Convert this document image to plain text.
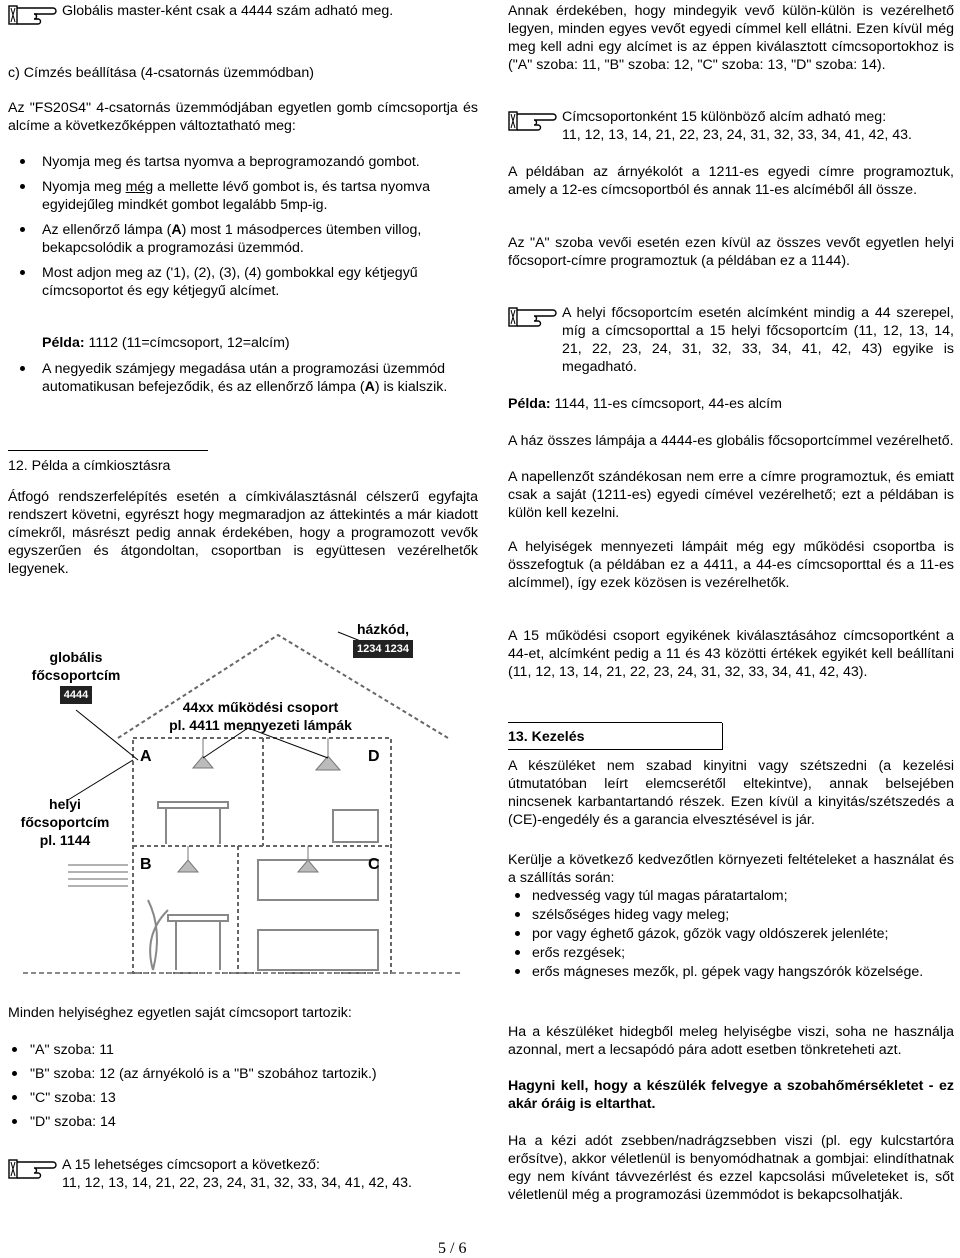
Globális master-ként csak a 4444 szám adható meg.

c) Címzés beállítása (4-csatornás üzemmódban)

Az "FS20S4" 4-csatornás üzemmódjában egyetlen gomb címcsoportja és alcíme a következőképpen változtatható meg:

Nyomja meg és tartsa nyomva a beprogramozandó gombot.
Nyomja meg még a mellette lévő gombot is, és tartsa nyomva egyidejűleg mindkét gombot legalább 5mp-ig.
Az ellenőrző lámpa (A) most 1 másodperces ütemben villog, bekapcsolódik a programozási üzemmód.
Most adjon meg az ('1), (2), (3), (4) gombokkal egy kétjegyű címcsoportot és egy kétjegyű alcímet.

Példa: 1112 (11=címcsoport, 12=alcím)

A negyedik számjegy megadása után a programozási üzemmód automatikusan befejeződik, és az ellenőrző lámpa (A) is kialszik.

12. Példa a címkiosztásra

Átfogó rendszerfelépítés esetén a címkiválasztásnál célszerű egyfajta rendszert követni, egyrészt hogy megmaradjon az áttekintés a már kiadott címekről, másrészt pedig annak érdekében, hogy a programozott vevők egyszerűen és átgondoltan, csoportban is együttesen vezérelhetők legyenek.

globális
főcsoportcím
4444
házkód,
1234 1234
44xx működési csoport
pl. 4411 mennyezeti lámpák
helyi
főcsoportcím
pl. 1144
A	D
B	C

Minden helyiséghez egyetlen saját címcsoport tartozik:

"A" szoba: 11
"B" szoba: 12 (az árnyékoló is a "B" szobához tartozik.)
"C" szoba: 13
"D" szoba: 14
A 15 lehetséges címcsoport a következő:
11, 12, 13, 14, 21, 22, 23, 24, 31, 32, 33, 34, 41, 42, 43.

Annak érdekében, hogy mindegyik vevő külön-külön is vezérelhető legyen, minden egyes vevőt egyedi címmel kell ellátni. Ezen kívül még meg kell adni egy alcímet is az éppen kiválasztott címcsoportokhoz is ("A" szoba: 11, "B" szoba: 12, "C" szoba: 13, "D" szoba: 14).

Címcsoportonként 15 különböző alcím adható meg:
11, 12, 13, 14, 21, 22, 23, 24, 31, 32, 33, 34, 41, 42, 43.

A példában az árnyékolót a 1211-es egyedi címre programoztuk, amely a 12-es címcsoportból és annak 11-es alcíméből áll össze.

Az "A" szoba vevői esetén ezen kívül az összes vevőt egyetlen helyi főcsoport-címre programoztuk (a példában ez a 1144).

A helyi főcsoportcím esetén alcímként mindig a 44 szerepel, míg a címcsoporttal a 15 helyi főcsoportcím (11, 12, 13, 14, 21, 22, 23, 24, 31, 32, 33, 34, 41, 42, 43) egyike is megadható.

Példa: 1144, 11-es címcsoport, 44-es alcím

A ház összes lámpája a 4444-es globális főcsoportcímmel vezérelhető.

A napellenzőt szándékosan nem erre a címre programoztuk, és emiatt csak a saját (1211-es) egyedi címével vezérelhető; ezt a példában is külön kell kezelni.

A helyiségek mennyezeti lámpáit még egy működési csoportba is összefogtuk (a példában ez a 4411, a 44-es címcsoporttal és a 11-es alcímmel), így ezek közösen is vezérelhetők.

A 15 működési csoport egyikének kiválasztásához címcsoportként a 44-et, alcímként pedig a 11 és 43 közötti értékek egyikét kell beállítani (11, 12, 13, 14, 21, 22, 23, 24, 31, 32, 33, 34, 41, 42, 43).

13. Kezelés

A készüléket nem szabad kinyitni vagy szétszedni (a kezelési útmutatóban leírt elemcserétől eltekintve), annak belsejében nincsenek karbantartandó részek. Ezen kívül a kinyitás/szétszedés a (CE)-engedély és a garancia elvesztésével is jár.

Kerülje a következő kedvezőtlen környezeti feltételeket a használat és a szállítás során:

nedvesség vagy túl magas páratartalom;
szélsőséges hideg vagy meleg;
por vagy éghető gázok, gőzök vagy oldószerek jelenléte;
erős rezgések;
erős mágneses mezők, pl. gépek vagy hangszórók közelsége.

Ha a készüléket hidegből meleg helyiségbe viszi, soha ne használja azonnal, mert a lecsapódó pára adott esetben tönkreteheti azt.

Hagyni kell, hogy a készülék felvegye a szobahőmérsékletet - ez akár óráig is eltarthat.

Ha a kézi adót zsebben/nadrágzsebben viszi (pl. egy kulcstartóra erősítve), akkor véletlenül is benyomódhatnak a gombjai: elindíthatnak egy nem kívánt távvezérlést és ezzel kapcsolási műveleteket is, sőt véletlenül még a programozási üzemmódot is bekapcsolhatják.

5 / 6
